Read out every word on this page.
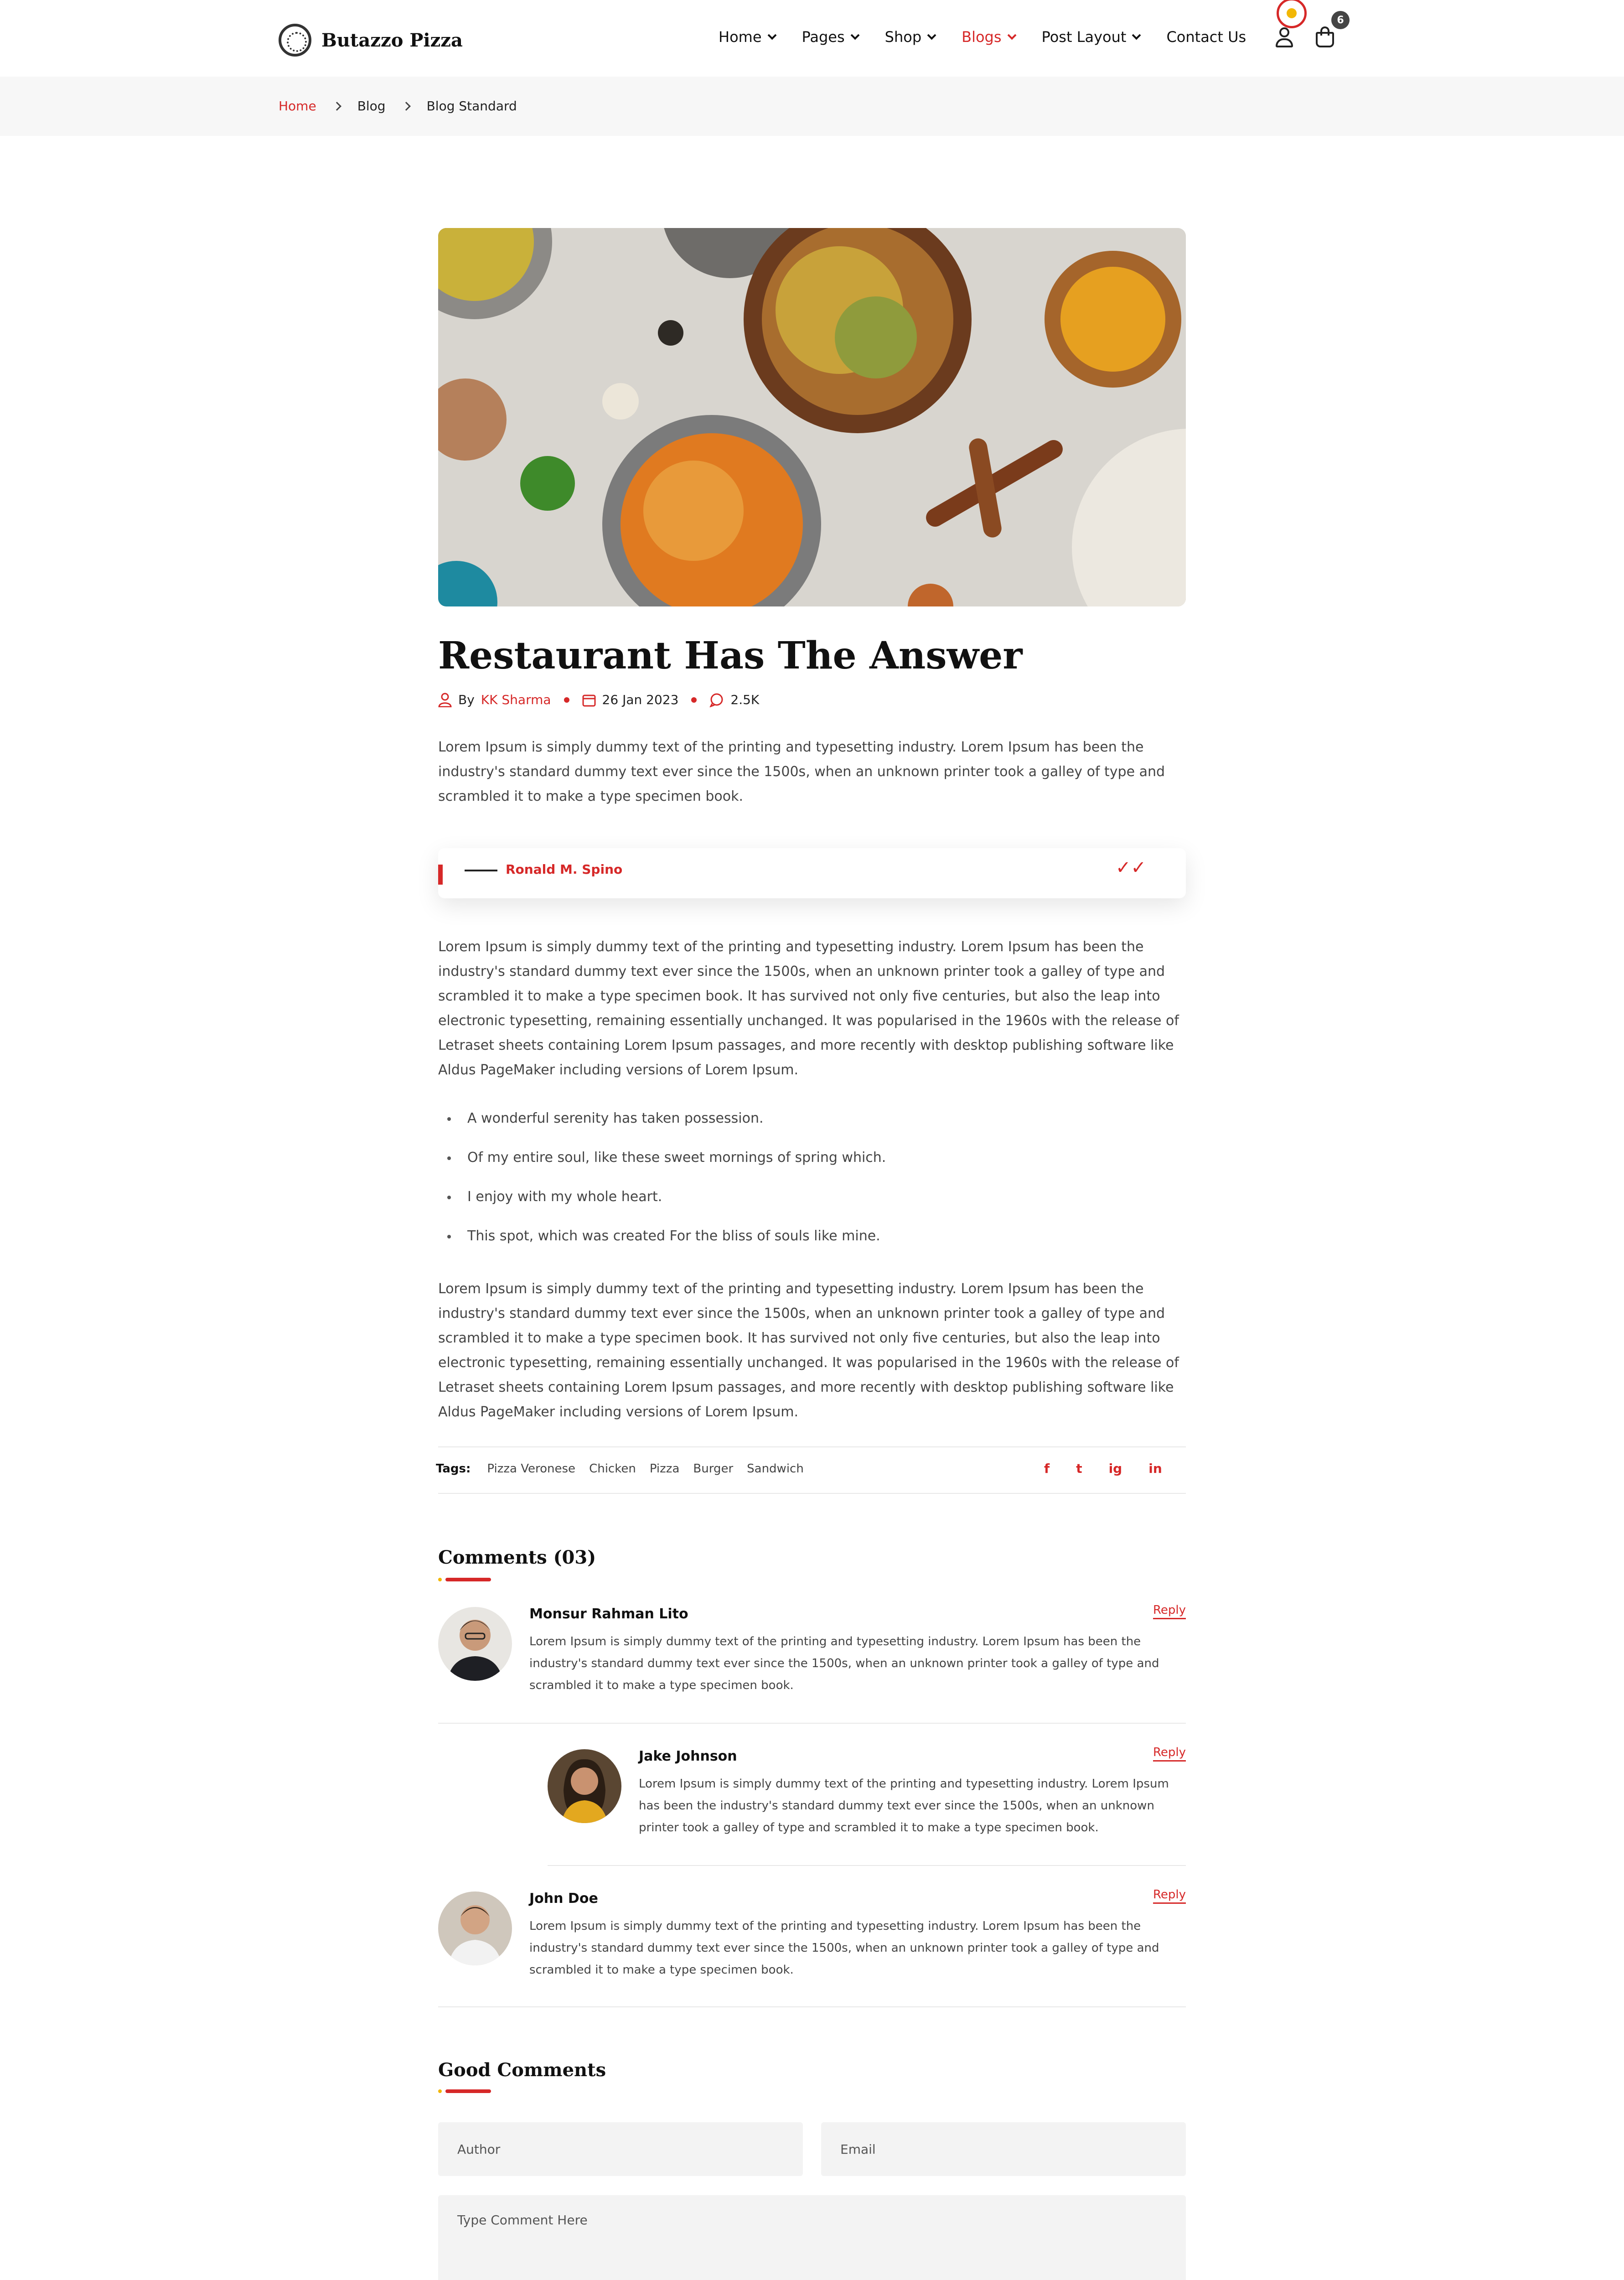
Butazzo Pizza	Home	Pages	Shop	Blogs	Post Layout	Contact Us
6
Home	Blog	Blog Standard
Restaurant Has The Answer
By KK Sharma	26 Jan 2023	2.5K

Lorem Ipsum is simply dummy text of the printing and typesetting industry. Lorem Ipsum has been the industry's standard dummy text ever since the 1500s, when an unknown printer took a galley of type and scrambled it to make a type specimen book.

Ronald M. Spino	✓✓

Lorem Ipsum is simply dummy text of the printing and typesetting industry. Lorem Ipsum has been the industry's standard dummy text ever since the 1500s, when an unknown printer took a galley of type and scrambled it to make a type specimen book. It has survived not only five centuries, but also the leap into electronic typesetting, remaining essentially unchanged. It was popularised in the 1960s with the release of Letraset sheets containing Lorem Ipsum passages, and more recently with desktop publishing software like Aldus PageMaker including versions of Lorem Ipsum.

A wonderful serenity has taken possession.
Of my entire soul, like these sweet mornings of spring which.
I enjoy with my whole heart.
This spot, which was created For the bliss of souls like mine.

Lorem Ipsum is simply dummy text of the printing and typesetting industry. Lorem Ipsum has been the industry's standard dummy text ever since the 1500s, when an unknown printer took a galley of type and scrambled it to make a type specimen book. It has survived not only five centuries, but also the leap into electronic typesetting, remaining essentially unchanged. It was popularised in the 1960s with the release of Letraset sheets containing Lorem Ipsum passages, and more recently with desktop publishing software like Aldus PageMaker including versions of Lorem Ipsum.

Tags: Pizza Veronese Chicken Pizza Burger Sandwich	f t ig in
Comments (03)
Monsur Rahman Lito	Reply

Lorem Ipsum is simply dummy text of the printing and typesetting industry. Lorem Ipsum has been the industry's standard dummy text ever since the 1500s, when an unknown printer took a galley of type and scrambled it to make a type specimen book.

Jake Johnson	Reply

Lorem Ipsum is simply dummy text of the printing and typesetting industry. Lorem Ipsum has been the industry's standard dummy text ever since the 1500s, when an unknown printer took a galley of type and scrambled it to make a type specimen book.

John Doe	Reply

Lorem Ipsum is simply dummy text of the printing and typesetting industry. Lorem Ipsum has been the industry's standard dummy text ever since the 1500s, when an unknown printer took a galley of type and scrambled it to make a type specimen book.

Good Comments
Author	Email
Type Comment Here
